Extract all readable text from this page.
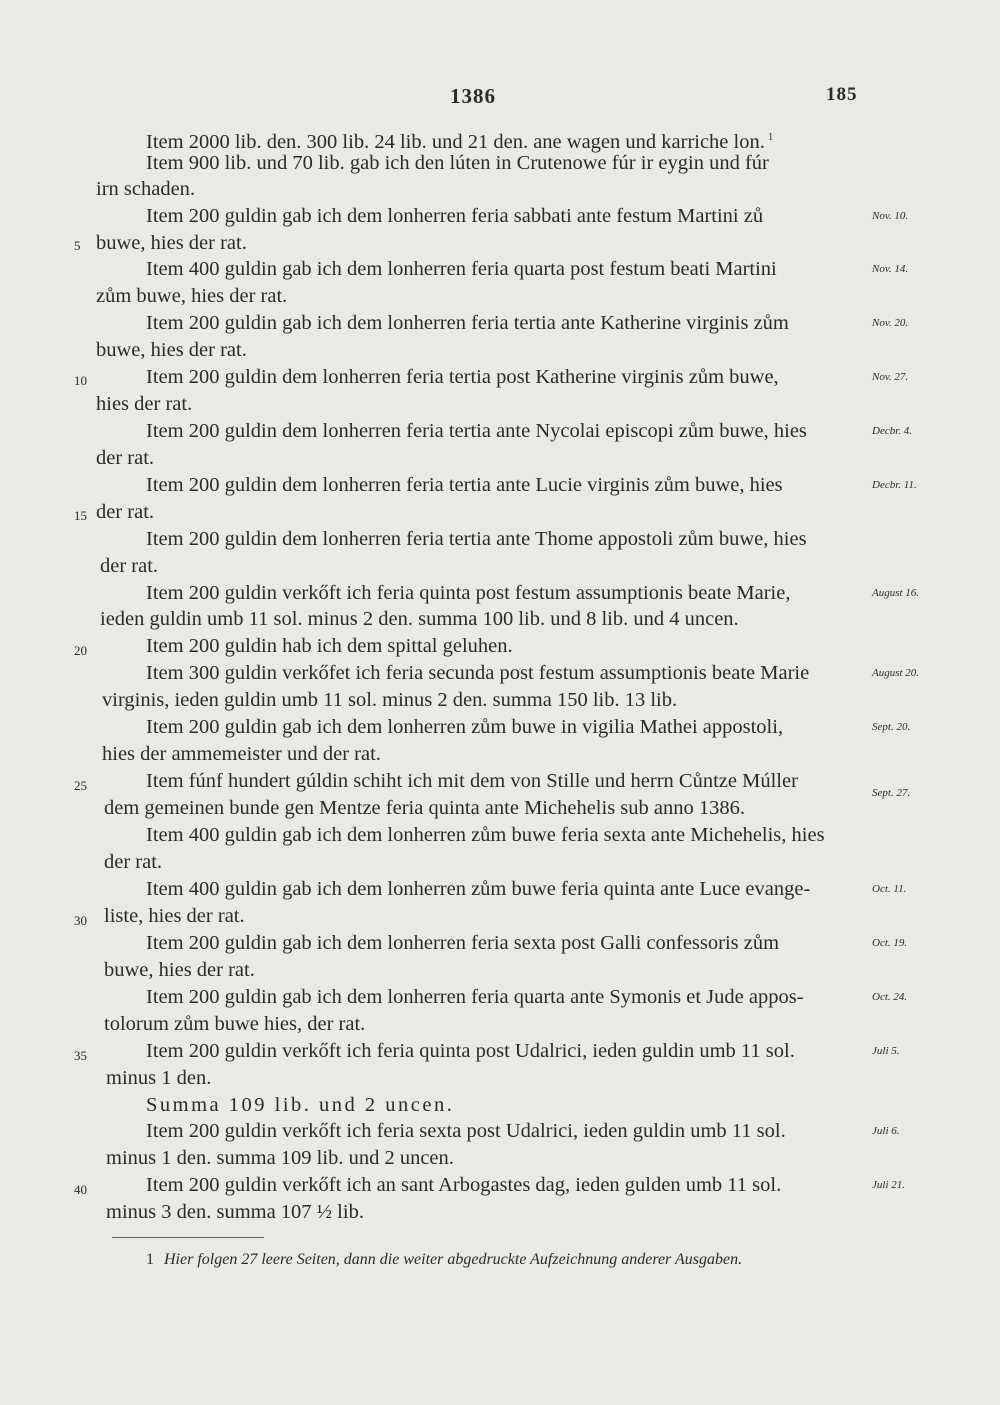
1386	185
Item 2000 lib. den. 300 lib. 24 lib. und 21 den. ane wagen und karriche lon. $^1$
Item 900 lib. und 70 lib. gab ich den lúten in Crutenowe fúr ir eygin und fúr
irn schaden.
Item 200 guldin gab ich dem lonherren feria sabbati ante festum Martini zů
buwe, hies der rat.
Item 400 guldin gab ich dem lonherren feria quarta post festum beati Martini
zům buwe, hies der rat.
Item 200 guldin gab ich dem lonherren feria tertia ante Katherine virginis zům
buwe, hies der rat.
Item 200 guldin dem lonherren feria tertia post Katherine virginis zům buwe,
hies der rat.
Item 200 guldin dem lonherren feria tertia ante Nycolai episcopi zům buwe, hies
der rat.
Item 200 guldin dem lonherren feria tertia ante Lucie virginis zům buwe, hies
der rat.
Item 200 guldin dem lonherren feria tertia ante Thome appostoli zům buwe, hies
der rat.
Item 200 guldin verkőft ich feria quinta post festum assumptionis beate Marie,
ieden guldin umb 11 sol. minus 2 den. summa 100 lib. und 8 lib. und 4 uncen.
Item 200 guldin hab ich dem spittal geluhen.
Item 300 guldin verkőfet ich feria secunda post festum assumptionis beate Marie
virginis, ieden guldin umb 11 sol. minus 2 den. summa 150 lib. 13 lib.
Item 200 guldin gab ich dem lonherren zům buwe in vigilia Mathei appostoli,
hies der ammemeister und der rat.
Item fúnf hundert gúldin schiht ich mit dem von Stille und herrn Cůntze Múller
dem gemeinen bunde gen Mentze feria quinta ante Michehelis sub anno 1386.
Item 400 guldin gab ich dem lonherren zům buwe feria sexta ante Michehelis, hies
der rat.
Item 400 guldin gab ich dem lonherren zům buwe feria quinta ante Luce evange-
liste, hies der rat.
Item 200 guldin gab ich dem lonherren feria sexta post Galli confessoris zům
buwe, hies der rat.
Item 200 guldin gab ich dem lonherren feria quarta ante Symonis et Jude appos-
tolorum zům buwe hies, der rat.
Item 200 guldin verkőft ich feria quinta post Udalrici, ieden guldin umb 11 sol.
minus 1 den.
Summa 109 lib. und 2 uncen.
Item 200 guldin verkőft ich feria sexta post Udalrici, ieden guldin umb 11 sol.
minus 1 den. summa 109 lib. und 2 uncen.
Item 200 guldin verkőft ich an sant Arbogastes dag, ieden gulden umb 11 sol.
minus 3 den. summa 107 ½ lib.
5
10
15
20
25
30
35
40
Nov. 10.
Nov. 14.
Nov. 20.
Nov. 27.
Decbr. 4.
Decbr. 11.
August 16.
August 20.
Sept. 20.
Sept. 27.
Oct. 11.
Oct. 19.
Oct. 24.
Juli 5.
Juli 6.
Juli 21.
1 Hier folgen 27 leere Seiten, dann die weiter abgedruckte Aufzeichnung anderer Ausgaben.
